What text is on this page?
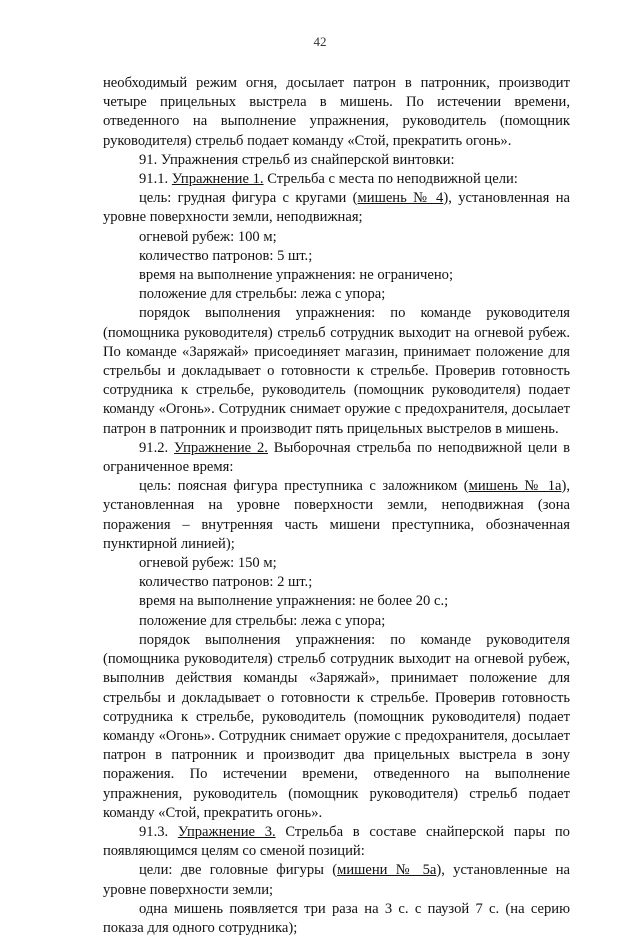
42

необходимый режим огня, досылает патрон в патронник, производит четыре прицельных выстрела в мишень. По истечении времени, отведенного на выполнение упражнения, руководитель (помощник руководителя) стрельб подает команду «Стой, прекратить огонь».

91. Упражнения стрельб из снайперской винтовки:

91.1. Упражнение 1. Стрельба с места по неподвижной цели:

цель: грудная фигура с кругами (мишень № 4), установленная на уровне поверхности земли, неподвижная;

огневой рубеж: 100 м;

количество патронов: 5 шт.;

время на выполнение упражнения: не ограничено;

положение для стрельбы: лежа с упора;

порядок выполнения упражнения: по команде руководителя (помощника руководителя) стрельб сотрудник выходит на огневой рубеж. По команде «Заряжай» присоединяет магазин, принимает положение для стрельбы и докладывает о готовности к стрельбе. Проверив готовность сотрудника к стрельбе, руководитель (помощник руководителя) подает команду «Огонь». Сотрудник снимает оружие с предохранителя, досылает патрон в патронник и производит пять прицельных выстрелов в мишень.

91.2. Упражнение 2. Выборочная стрельба по неподвижной цели в ограниченное время:

цель: поясная фигура преступника с заложником (мишень № 1а), установленная на уровне поверхности земли, неподвижная (зона поражения – внутренняя часть мишени преступника, обозначенная пунктирной линией);

огневой рубеж: 150 м;

количество патронов: 2 шт.;

время на выполнение упражнения: не более 20 с.;

положение для стрельбы: лежа с упора;

порядок выполнения упражнения: по команде руководителя (помощника руководителя) стрельб сотрудник выходит на огневой рубеж, выполнив действия команды «Заряжай», принимает положение для стрельбы и докладывает о готовности к стрельбе. Проверив готовность сотрудника к стрельбе, руководитель (помощник руководителя) подает команду «Огонь». Сотрудник снимает оружие с предохранителя, досылает патрон в патронник и производит два прицельных выстрела в зону поражения. По истечении времени, отведенного на выполнение упражнения, руководитель (помощник руководителя) стрельб подает команду «Стой, прекратить огонь».

91.3. Упражнение 3. Стрельба в составе снайперской пары по появляющимся целям со сменой позиций:

цели: две головные фигуры (мишени № 5а), установленные на уровне поверхности земли;

одна мишень появляется три раза на 3 с. с паузой 7 с. (на серию показа для одного сотрудника);
